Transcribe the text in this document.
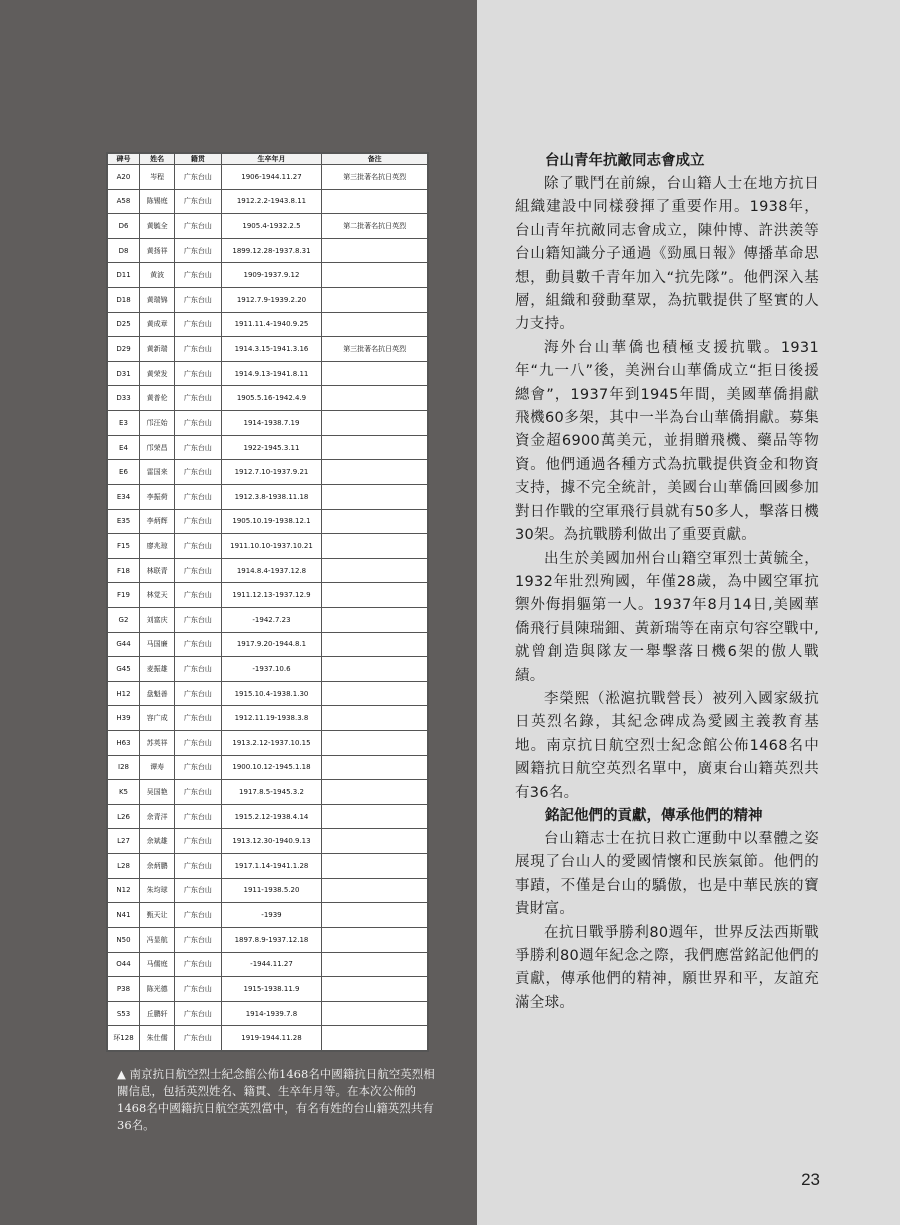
碑号	姓名	籍贯	生卒年月	备注
A20	岑程	广东台山	1906-1944.11.27	第三批著名抗日英烈
A58	陈锡庭	广东台山	1912.2.2-1943.8.11	
D6	黄毓全	广东台山	1905.4-1932.2.5	第二批著名抗日英烈
D8	黄扬祥	广东台山	1899.12.28-1937.8.31	
D11	黄波	广东台山	1909-1937.9.12	
D18	黄瑞锦	广东台山	1912.7.9-1939.2.20	
D25	黄成章	广东台山	1911.11.4-1940.9.25	
D29	黄新瑞	广东台山	1914.3.15-1941.3.16	第三批著名抗日英烈
D31	黄荣发	广东台山	1914.9.13-1941.8.11	
D33	黄普伦	广东台山	1905.5.16-1942.4.9	
E3	邝汪始	广东台山	1914-1938.7.19	
E4	邝荣昌	广东台山	1922-1945.3.11	
E6	雷国来	广东台山	1912.7.10-1937.9.21	
E34	李振荷	广东台山	1912.3.8-1938.11.18	
E35	李炳辉	广东台山	1905.10.19-1938.12.1	
F15	廖兆琼	广东台山	1911.10.10-1937.10.21	
F18	林联青	广东台山	1914.8.4-1937.12.8	
F19	林觉天	广东台山	1911.12.13-1937.12.9	
G2	刘富庆	广东台山	-1942.7.23	
G44	马国廉	广东台山	1917.9.20-1944.8.1	
G45	麦振雄	广东台山	-1937.10.6	
H12	盘魁善	广东台山	1915.10.4-1938.1.30	
H39	容广成	广东台山	1912.11.19-1938.3.8	
H63	苏英祥	广东台山	1913.2.12-1937.10.15	
I28	谭寿	广东台山	1900.10.12-1945.1.18	
K5	吴国艳	广东台山	1917.8.5-1945.3.2	
L26	余青洋	广东台山	1915.2.12-1938.4.14	
L27	余斌雄	广东台山	1913.12.30-1940.9.13	
L28	余炳鹏	广东台山	1917.1.14-1941.1.28	
N12	朱均球	广东台山	1911-1938.5.20	
N41	甄天让	广东台山	-1939	
N50	冯显航	广东台山	1897.8.9-1937.12.18	
O44	马儒庭	广东台山	-1944.11.27	
P38	陈光德	广东台山	1915-1938.11.9	
S53	丘鹏轩	广东台山	1914-1939.7.8	
环128	朱仕儒	广东台山	1919-1944.11.28	

▲ 南京抗日航空烈士紀念館公佈1468名中國籍抗日航空英烈相關信息，包括英烈姓名、籍貫、生卒年月等。在本次公佈的1468名中國籍抗日航空英烈當中，有名有姓的台山籍英烈共有36名。

台山青年抗敵同志會成立

除了戰鬥在前線，台山籍人士在地方抗日組織建設中同樣發揮了重要作用。1938年，台山青年抗敵同志會成立，陳仲博、許洪羨等台山籍知識分子通過《勁風日報》傳播革命思想，動員數千青年加入“抗先隊”。他們深入基層，組織和發動羣眾，為抗戰提供了堅實的人力支持。

海外台山華僑也積極支援抗戰。1931年“九一八”後，美洲台山華僑成立“拒日後援總會”，1937年到1945年間，美國華僑捐獻飛機60多架，其中一半為台山華僑捐獻。募集資金超6900萬美元，並捐贈飛機、藥品等物資。他們通過各種方式為抗戰提供資金和物資支持，據不完全統計，美國台山華僑回國參加對日作戰的空軍飛行員就有50多人，擊落日機30架。為抗戰勝利做出了重要貢獻。

出生於美國加州台山籍空軍烈士黃毓全，1932年壯烈殉國，年僅28歲，為中國空軍抗禦外侮捐軀第一人。1937年8月14日,美國華僑飛行員陳瑞鈿、黃新瑞等在南京句容空戰中,就曾創造與隊友一舉擊落日機6架的傲人戰績。

李榮熙（淞滬抗戰營長）被列入國家級抗日英烈名錄，其紀念碑成為愛國主義教育基地。南京抗日航空烈士紀念館公佈1468名中國籍抗日航空英烈名單中，廣東台山籍英烈共有36名。

銘記他們的貢獻，傳承他們的精神

台山籍志士在抗日救亡運動中以羣體之姿展現了台山人的愛國情懷和民族氣節。他們的事蹟，不僅是台山的驕傲，也是中華民族的寶貴財富。

在抗日戰爭勝利80週年，世界反法西斯戰爭勝利80週年紀念之際，我們應當銘記他們的貢獻，傳承他們的精神，願世界和平，友誼充滿全球。

23
